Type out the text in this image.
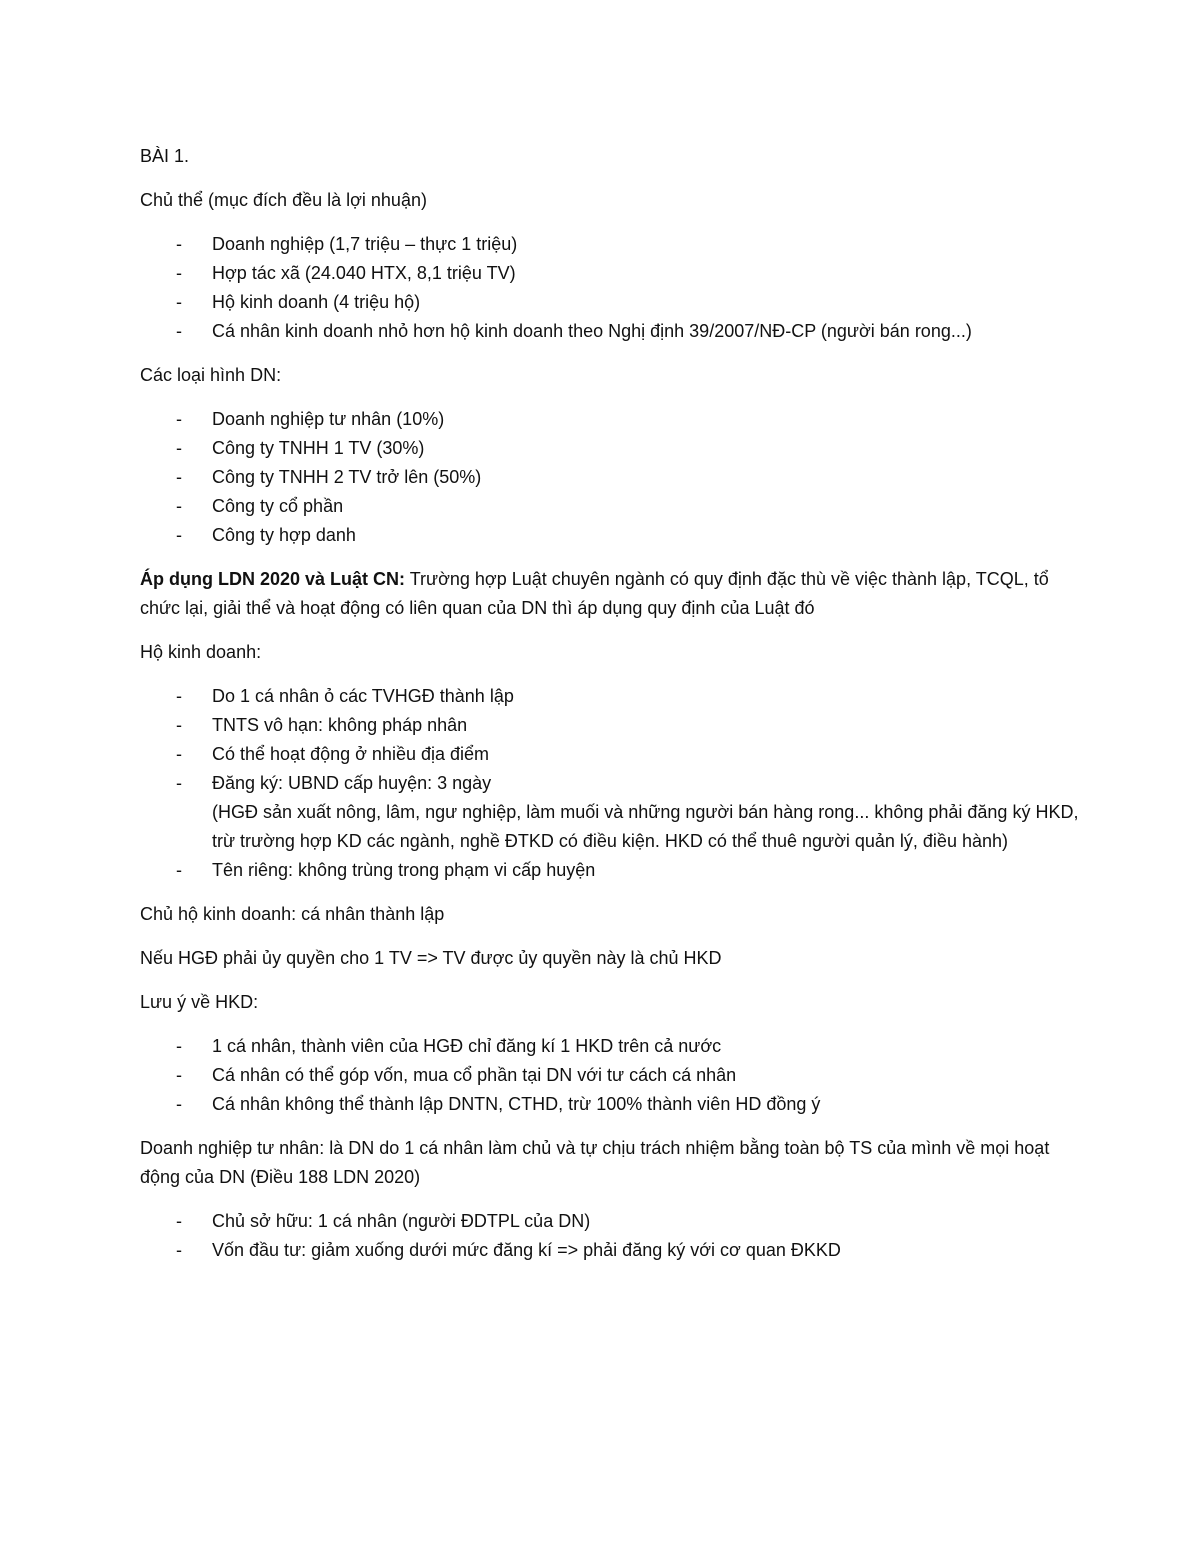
BÀI 1.

Chủ thể (mục đích đều là lợi nhuận)

- Doanh nghiệp (1,7 triệu – thực 1 triệu)
- Hợp tác xã (24.040 HTX, 8,1 triệu TV)
- Hộ kinh doanh (4 triệu hộ)
- Cá nhân kinh doanh nhỏ hơn hộ kinh doanh theo Nghị định 39/2007/NĐ-CP (người bán rong...)

Các loại hình DN:

- Doanh nghiệp tư nhân (10%)
- Công ty TNHH 1 TV (30%)
- Công ty TNHH 2 TV trở lên (50%)
- Công ty cổ phần
- Công ty hợp danh

Áp dụng LDN 2020 và Luật CN: Trường hợp Luật chuyên ngành có quy định đặc thù về việc thành lập, TCQL, tổ chức lại, giải thể và hoạt động có liên quan của DN thì áp dụng quy định của Luật đó

Hộ kinh doanh:

- Do 1 cá nhân ỏ các TVHGĐ thành lập
- TNTS vô hạn: không pháp nhân
- Có thể hoạt động ở nhiều địa điểm
- Đăng ký: UBND cấp huyện: 3 ngày
(HGĐ sản xuất nông, lâm, ngư nghiệp, làm muối và những người bán hàng rong... không phải đăng ký HKD, trừ trường hợp KD các ngành, nghề ĐTKD có điều kiện. HKD có thể thuê người quản lý, điều hành)
- Tên riêng: không trùng trong phạm vi cấp huyện

Chủ hộ kinh doanh: cá nhân thành lập

Nếu HGĐ phải ủy quyền cho 1 TV => TV được ủy quyền này là chủ HKD

Lưu ý về HKD:

- 1 cá nhân, thành viên của HGĐ chỉ đăng kí 1 HKD trên cả nước
- Cá nhân có thể góp vốn, mua cổ phần tại DN với tư cách cá nhân
- Cá nhân không thể thành lập DNTN, CTHD, trừ 100% thành viên HD đồng ý

Doanh nghiệp tư nhân: là DN do 1 cá nhân làm chủ và tự chịu trách nhiệm bằng toàn bộ TS của mình về mọi hoạt động của DN (Điều 188 LDN 2020)

- Chủ sở hữu: 1 cá nhân (người ĐDTPL của DN)
- Vốn đầu tư: giảm xuống dưới mức đăng kí => phải đăng ký với cơ quan ĐKKD
